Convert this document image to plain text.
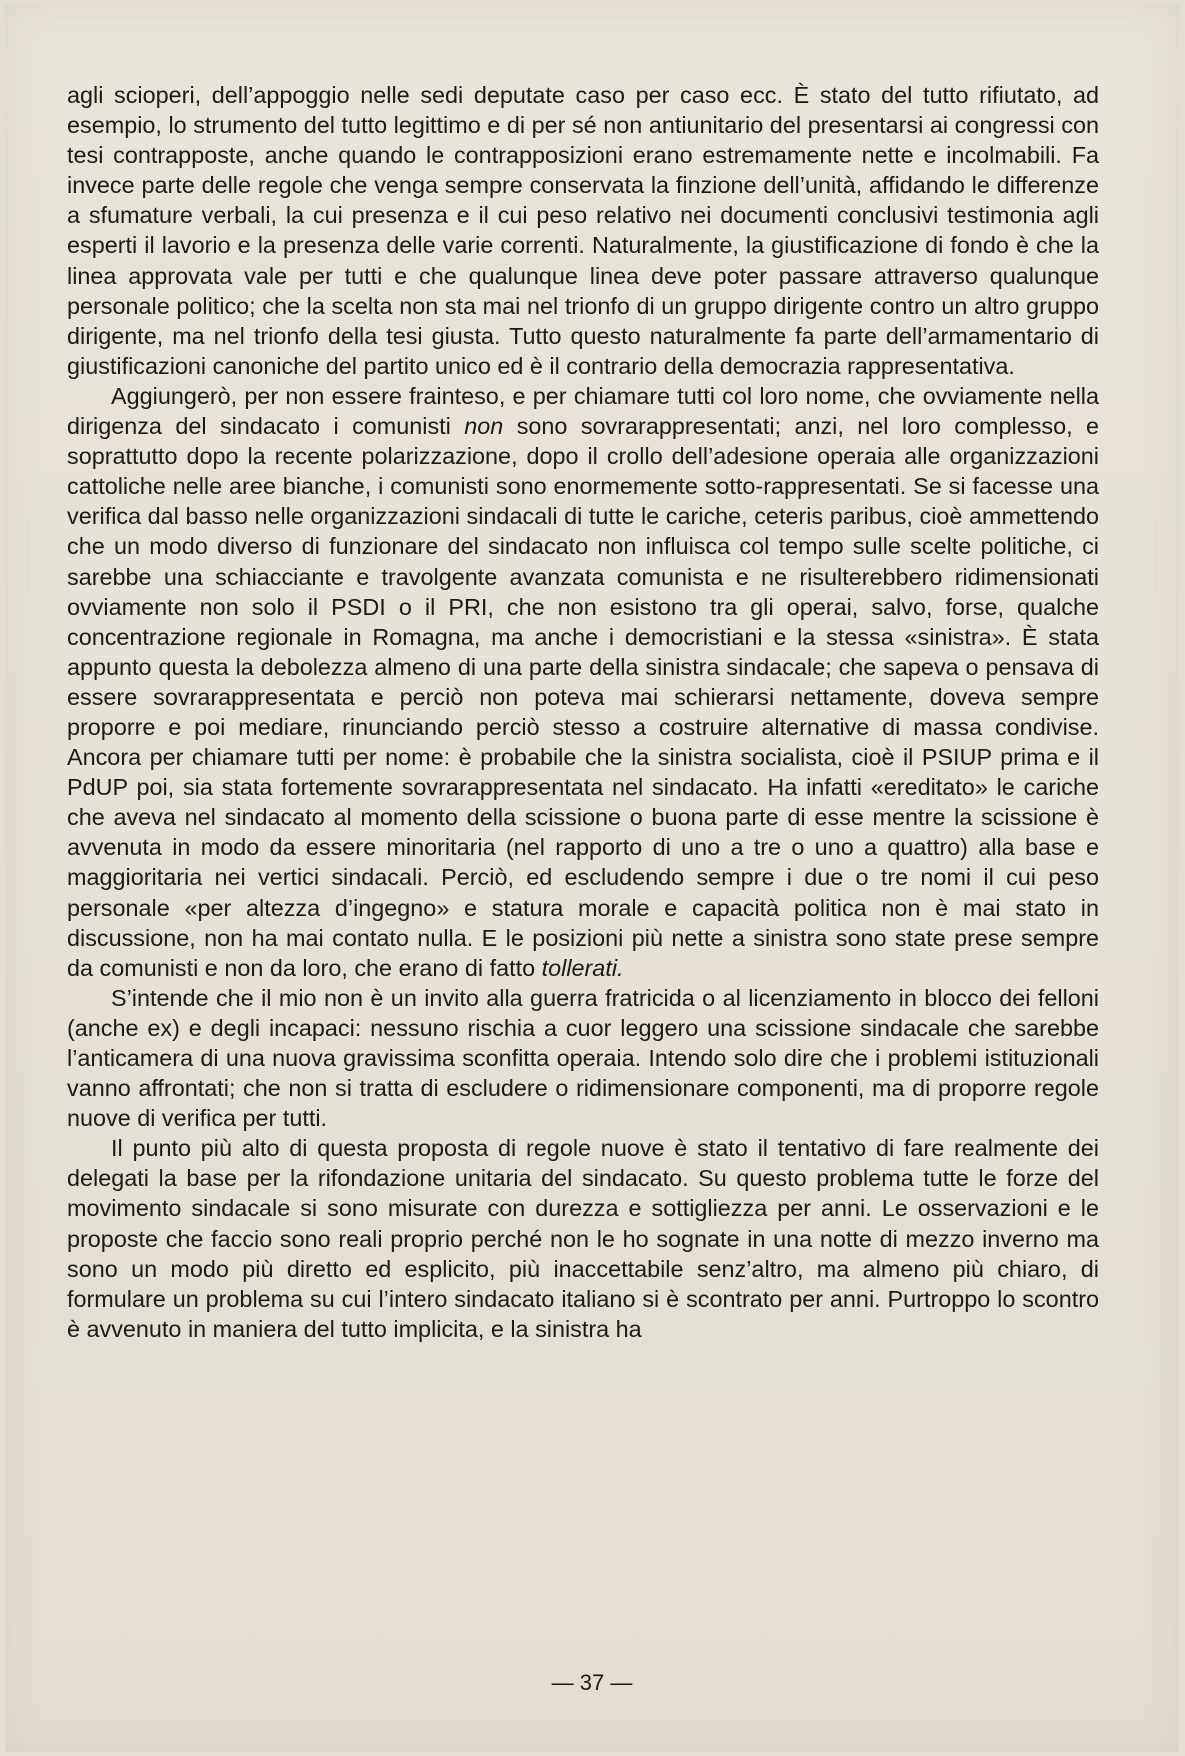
agli scioperi, dell’appoggio nelle sedi deputate caso per caso ecc. È stato del tutto rifiutato, ad esempio, lo strumento del tutto legittimo e di per sé non antiunitario del presentarsi ai congressi con tesi contrapposte, anche quando le contrapposizioni erano estremamente nette e incolmabili. Fa invece parte delle regole che venga sempre conservata la finzione dell’unità, affidando le differenze a sfumature verbali, la cui presenza e il cui peso relativo nei documenti conclusivi testimonia agli esperti il lavorio e la presenza delle varie correnti. Naturalmente, la giustificazione di fondo è che la linea approvata vale per tutti e che qualunque linea deve poter passare attraverso qualunque personale politico; che la scelta non sta mai nel trionfo di un gruppo dirigente contro un altro gruppo dirigente, ma nel trionfo della tesi giusta. Tutto questo naturalmente fa parte dell’armamentario di giustificazioni canoniche del partito unico ed è il contrario della democrazia rappresentativa.

Aggiungerò, per non essere frainteso, e per chiamare tutti col loro nome, che ovviamente nella dirigenza del sindacato i comunisti non sono sovrarappresentati; anzi, nel loro complesso, e soprattutto dopo la recente polarizzazione, dopo il crollo dell’adesione operaia alle organizzazioni cattoliche nelle aree bianche, i comunisti sono enormemente sotto-rappresentati. Se si facesse una verifica dal basso nelle organizzazioni sindacali di tutte le cariche, ceteris paribus, cioè ammettendo che un modo diverso di funzionare del sindacato non influisca col tempo sulle scelte politiche, ci sarebbe una schiacciante e travolgente avanzata comunista e ne risulterebbero ridimensionati ovviamente non solo il PSDI o il PRI, che non esistono tra gli operai, salvo, forse, qualche concentrazione regionale in Romagna, ma anche i democristiani e la stessa «sinistra». È stata appunto questa la debolezza almeno di una parte della sinistra sindacale; che sapeva o pensava di essere sovrarappresentata e perciò non poteva mai schierarsi nettamente, doveva sempre proporre e poi mediare, rinunciando perciò stesso a costruire alternative di massa condivise. Ancora per chiamare tutti per nome: è probabile che la sinistra socialista, cioè il PSIUP prima e il PdUP poi, sia stata fortemente sovrarappresentata nel sindacato. Ha infatti «ereditato» le cariche che aveva nel sindacato al momento della scissione o buona parte di esse mentre la scissione è avvenuta in modo da essere minoritaria (nel rapporto di uno a tre o uno a quattro) alla base e maggioritaria nei vertici sindacali. Perciò, ed escludendo sempre i due o tre nomi il cui peso personale «per altezza d’ingegno» e statura morale e capacità politica non è mai stato in discussione, non ha mai contato nulla. E le posizioni più nette a sinistra sono state prese sempre da comunisti e non da loro, che erano di fatto tollerati.

S’intende che il mio non è un invito alla guerra fratricida o al licenziamento in blocco dei felloni (anche ex) e degli incapaci: nessuno rischia a cuor leggero una scissione sindacale che sarebbe l’anticamera di una nuova gravissima sconfitta operaia. Intendo solo dire che i problemi istituzionali vanno affrontati; che non si tratta di escludere o ridimensionare componenti, ma di proporre regole nuove di verifica per tutti.

Il punto più alto di questa proposta di regole nuove è stato il tentativo di fare realmente dei delegati la base per la rifondazione unitaria del sindacato. Su questo problema tutte le forze del movimento sindacale si sono misurate con durezza e sottigliezza per anni. Le osservazioni e le proposte che faccio sono reali proprio perché non le ho sognate in una notte di mezzo inverno ma sono un modo più diretto ed esplicito, più inaccettabile senz’altro, ma almeno più chiaro, di formulare un problema su cui l’intero sindacato italiano si è scontrato per anni. Purtroppo lo scontro è avvenuto in maniera del tutto implicita, e la sinistra ha

— 37 —
